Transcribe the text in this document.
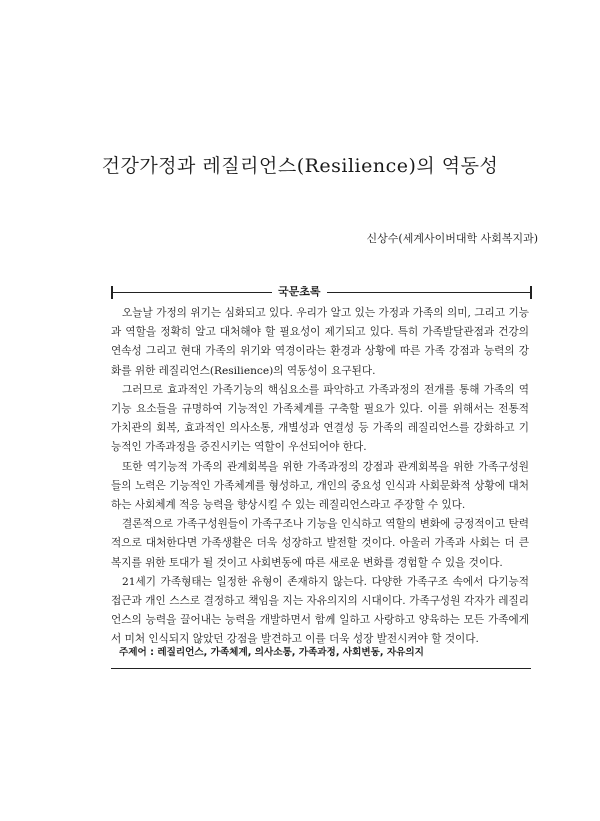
건강가정과 레질리언스(Resilience)의 역동성
신상수(세계사이버대학 사회복지과)
국문초록

오늘날 가정의 위기는 심화되고 있다. 우리가 알고 있는 가정과 가족의 의미, 그리고 기능과 역할을 정확히 알고 대처해야 할 필요성이 제기되고 있다. 특히 가족발달관점과 건강의 연속성 그리고 현대 가족의 위기와 역경이라는 환경과 상황에 따른 가족 강점과 능력의 강화를 위한 레질리언스(Resilience)의 역동성이 요구된다.

그러므로 효과적인 가족기능의 핵심요소를 파악하고 가족과정의 전개를 통해 가족의 역기능 요소들을 규명하여 기능적인 가족체계를 구축할 필요가 있다. 이를 위해서는 전통적 가치관의 회복, 효과적인 의사소통, 개별성과 연결성 등 가족의 레질리언스를 강화하고 기능적인 가족과정을 증진시키는 역할이 우선되어야 한다.

또한 역기능적 가족의 관계회복을 위한 가족과정의 강점과 관계회복을 위한 가족구성원들의 노력은 기능적인 가족체계를 형성하고, 개인의 중요성 인식과 사회문화적 상황에 대처하는 사회체계 적응 능력을 향상시킬 수 있는 레질리언스라고 주장할 수 있다.

결론적으로 가족구성원들이 가족구조나 기능을 인식하고 역할의 변화에 긍정적이고 탄력적으로 대처한다면 가족생활은 더욱 성장하고 발전할 것이다. 아울러 가족과 사회는 더 큰 복지를 위한 토대가 될 것이고 사회변동에 따른 새로운 변화를 경험할 수 있을 것이다.

21세기 가족형태는 일정한 유형이 존재하지 않는다. 다양한 가족구조 속에서 다기능적 접근과 개인 스스로 결정하고 책임을 지는 자유의지의 시대이다. 가족구성원 각자가 레질리언스의 능력을 끌어내는 능력을 개발하면서 함께 일하고 사랑하고 양육하는 모든 가족에게서 미처 인식되지 않았던 강점을 발견하고 이를 더욱 성장 발전시켜야 할 것이다.

주제어 : 레질리언스, 가족체계, 의사소통, 가족과정, 사회변동, 자유의지
